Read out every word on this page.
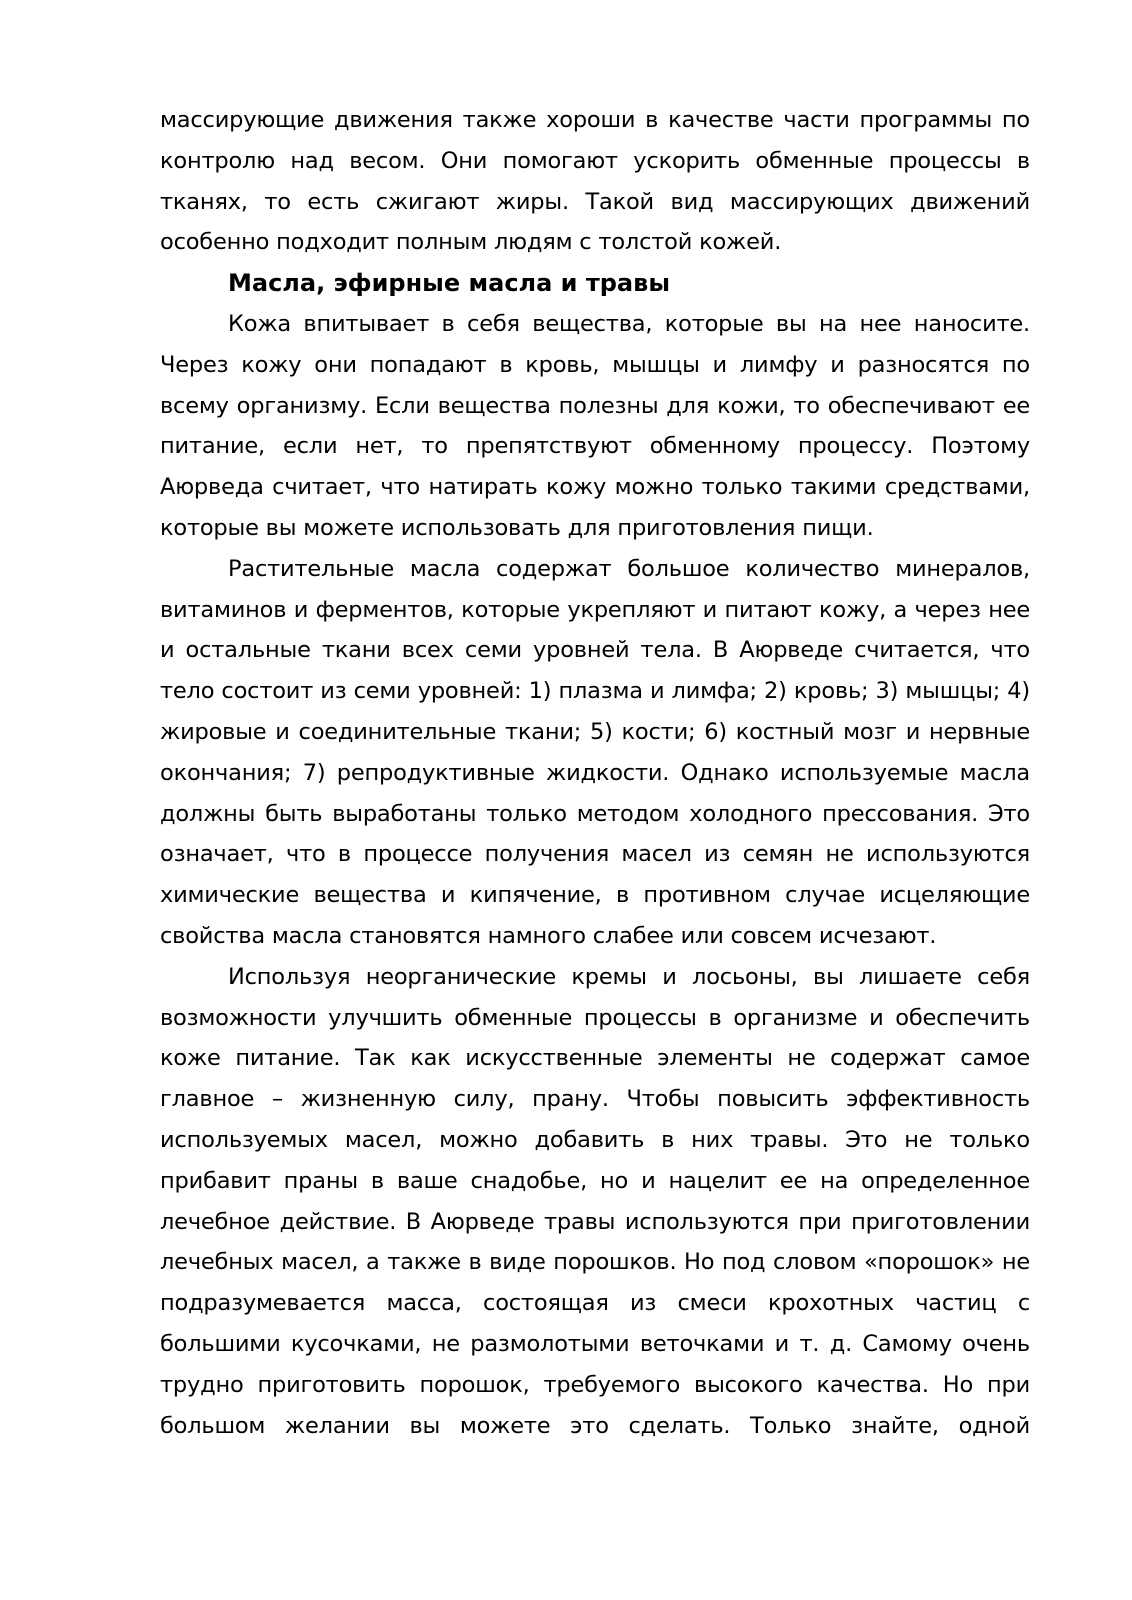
массирующие движения также хороши в качестве части программы по контролю над весом. Они помогают ускорить обменные процессы в тканях, то есть сжигают жиры. Такой вид массирующих движений особенно подходит полным людям с толстой кожей.

Масла, эфирные масла и травы

Кожа впитывает в себя вещества, которые вы на нее наносите. Через кожу они попадают в кровь, мышцы и лимфу и разносятся по всему организму. Если вещества полезны для кожи, то обеспечивают ее питание, если нет, то препятствуют обменному процессу. Поэтому Аюрведа считает, что натирать кожу можно только такими средствами, которые вы можете использовать для приготовления пищи.

Растительные масла содержат большое количество минералов, витаминов и ферментов, которые укрепляют и питают кожу, а через нее и остальные ткани всех семи уровней тела. В Аюрведе считается, что тело состоит из семи уровней: 1) плазма и лимфа; 2) кровь; 3) мышцы; 4) жировые и соединительные ткани; 5) кости; 6) костный мозг и нервные окончания; 7) репродуктивные жидкости. Однако используемые масла должны быть выработаны только методом холодного прессования. Это означает, что в процессе получения масел из семян не используются химические вещества и кипячение, в противном случае исцеляющие свойства масла становятся намного слабее или совсем исчезают.

Используя неорганические кремы и лосьоны, вы лишаете себя возможности улучшить обменные процессы в организме и обеспечить коже питание. Так как искусственные элементы не содержат самое главное – жизненную силу, прану. Чтобы повысить эффективность используемых масел, можно добавить в них травы. Это не только прибавит праны в ваше снадобье, но и нацелит ее на определенное лечебное действие. В Аюрведе травы используются при приготовлении лечебных масел, а также в виде порошков. Но под словом «порошок» не подразумевается масса, состоящая из смеси крохотных частиц с большими кусочками, не размолотыми веточками и т. д. Самому очень трудно приготовить порошок, требуемого высокого качества. Но при большом желании вы можете это сделать. Только знайте, одной
